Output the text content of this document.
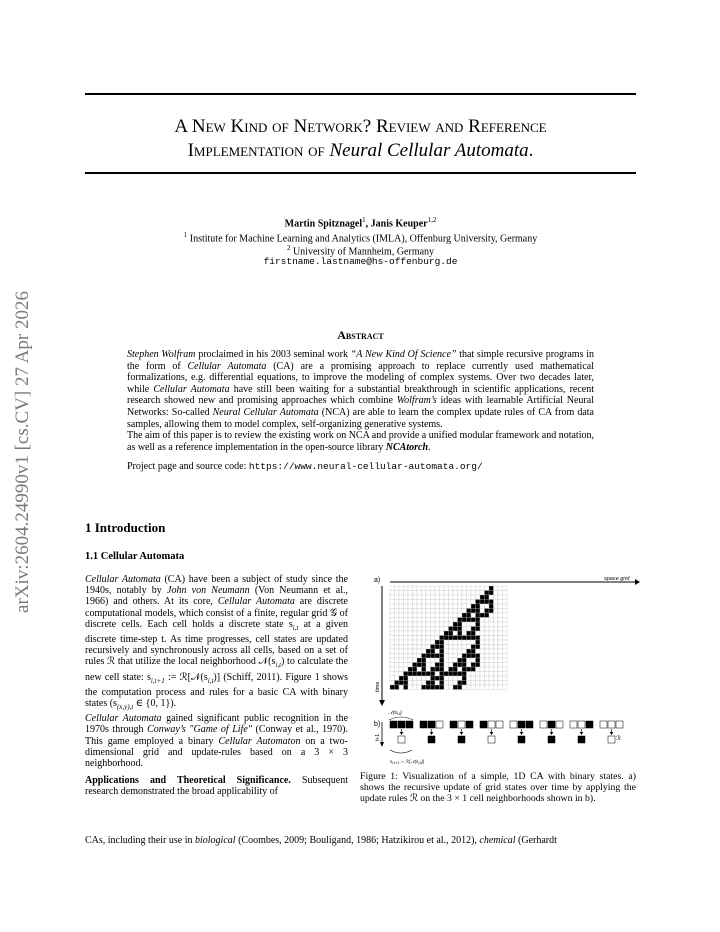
arXiv:2604.24990v1 [cs.CV] 27 Apr 2026
A New Kind of Network? Review and Reference
Implementation of Neural Cellular Automata.
Martin Spitznagel$^1$, Janis Keuper$^{1,2}$
$^1$ Institute for Machine Learning and Analytics (IMLA), Offenburg University, Germany
$^2$ University of Mannheim, Germany
firstname.lastname@hs-offenburg.de
Abstract

Stephen Wolfram proclaimed in his 2003 seminal work “A New Kind Of Science” that simple recursive programs in the form of Cellular Automata (CA) are a promising approach to replace currently used mathematical formalizations, e.g. differential equations, to improve the modeling of complex systems. Over two decades later, while Cellular Automata have still been waiting for a substantial breakthrough in scientific applications, recent research showed new and promising approaches which combine Wolfram’s ideas with learnable Artificial Neural Networks: So-called Neural Cellular Automata (NCA) are able to learn the complex update rules of CA from data samples, allowing them to model complex, self-organizing generative systems.

The aim of this paper is to review the existing work on NCA and provide a unified modular framework and notation, as well as a reference implementation in the open-source library NCAtorch.

Project page and source code: https://www.neural-cellular-automata.org/

1 Introduction
1.1 Cellular Automata

Cellular Automata (CA) have been a subject of study since the 1940s, notably by John von Neumann (Von Neumann et al., 1966) and others. At its core, Cellular Automata are discrete computational models, which consist of a finite, regular grid 𝒢 of discrete cells. Each cell holds a discrete state $s_{i,t}$ at a given discrete time-step t. As time progresses, cell states are updated recursively and synchronously across all cells, based on a set of rules ℛ that utilize the local neighborhood $𝒩(s_{i,t})$ to calculate the new cell state: $s_{i,t+1}$ := $ℛ[𝒩(s_{i,t})]$ (Schiff, 2011). Figure 1 shows the computation process and rules for a basic CA with binary states ($s_{(x,y),t}$ ∈ {0, 1}).

Cellular Automata gained significant public recognition in the 1970s through Conway’s "Game of Life" (Conway et al., 1970). This game employed a binary Cellular Automaton on a two-dimensional grid and update-rules based on a 3 × 3 neighborhood.

Applications and Theoretical Significance. Subsequent research demonstrated the broad applicability of

CAs, including their use in biological (Coombes, 2009; Bouligand, 1986; Hatzikirou et al., 2012), chemical (Gerhardt
a)	space grid
time
b)
$𝒩(s_{i,t})$
t+1	ℛ
$s_{i,t+1}$ := $ℛ[𝒩(s_{i,t})]$
Figure 1: Visualization of a simple, 1D CA with binary states. a) shows the recursive update of grid states over time by applying the update rules ℛ on the 3 × 1 cell neighborhoods shown in b).
